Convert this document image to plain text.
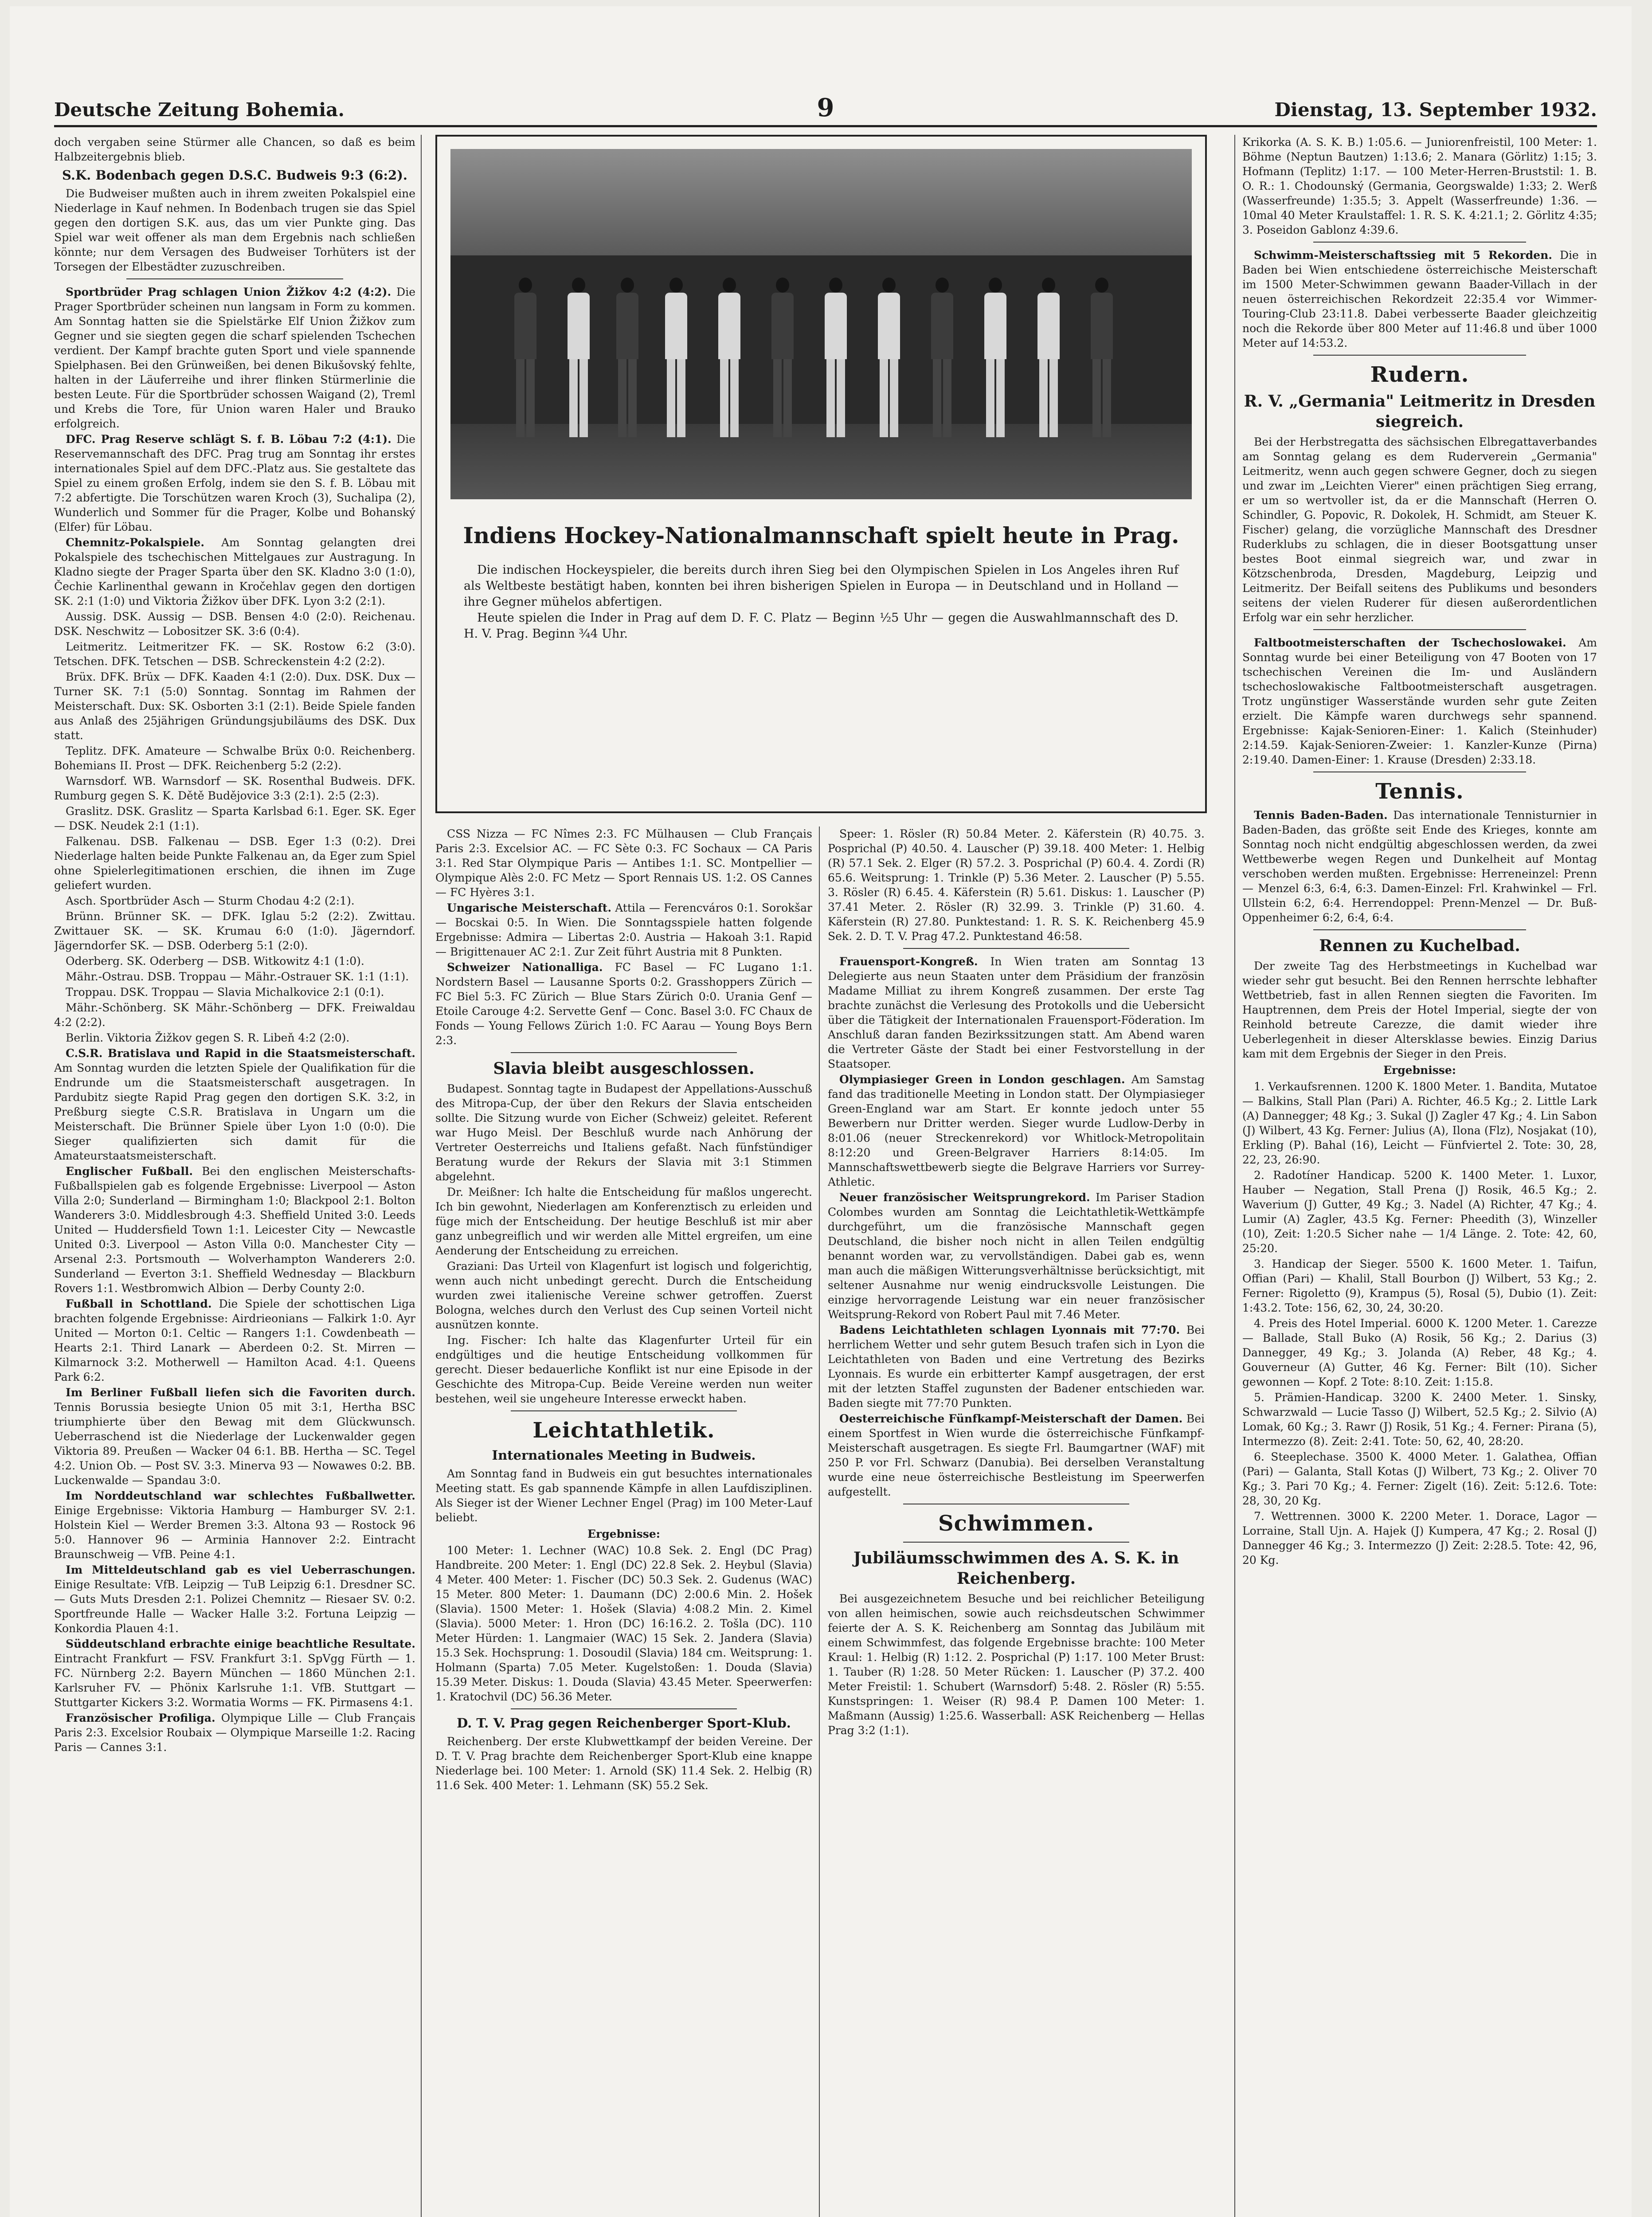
Deutsche Zeitung Bohemia.	9	Dienstag, 13. September 1932.

doch vergaben seine Stürmer alle Chancen, so daß es beim Halbzeitergebnis blieb.

S.K. Bodenbach gegen D.S.C. Budweis 9:3 (6:2).

Die Budweiser mußten auch in ihrem zweiten Pokalspiel eine Niederlage in Kauf nehmen. In Bodenbach trugen sie das Spiel gegen den dortigen S.K. aus, das um vier Punkte ging. Das Spiel war weit offener als man dem Ergebnis nach schließen könnte; nur dem Versagen des Budweiser Torhüters ist der Torsegen der Elbestädter zuzuschreiben.

Sportbrüder Prag schlagen Union Žižkov 4:2 (4:2). Die Prager Sportbrüder scheinen nun langsam in Form zu kommen. Am Sonntag hatten sie die Spielstärke Elf Union Žižkov zum Gegner und sie siegten gegen die scharf spielenden Tschechen verdient. Der Kampf brachte guten Sport und viele spannende Spielphasen. Bei den Grünweißen, bei denen Bikušovský fehlte, halten in der Läuferreihe und ihrer flinken Stürmerlinie die besten Leute. Für die Sportbrüder schossen Waigand (2), Treml und Krebs die Tore, für Union waren Haler und Brauko erfolgreich.

DFC. Prag Reserve schlägt S. f. B. Löbau 7:2 (4:1). Die Reservemannschaft des DFC. Prag trug am Sonntag ihr erstes internationales Spiel auf dem DFC.-Platz aus. Sie gestaltete das Spiel zu einem großen Erfolg, indem sie den S. f. B. Löbau mit 7:2 abfertigte. Die Torschützen waren Kroch (3), Suchalipa (2), Wunderlich und Sommer für die Prager, Kolbe und Bohanský (Elfer) für Löbau.

Chemnitz-Pokalspiele. Am Sonntag gelangten drei Pokalspiele des tschechischen Mittelgaues zur Austragung. In Kladno siegte der Prager Sparta über den SK. Kladno 3:0 (1:0), Čechie Karlinenthal gewann in Kročehlav gegen den dortigen SK. 2:1 (1:0) und Viktoria Žižkov über DFK. Lyon 3:2 (2:1).

Aussig. DSK. Aussig — DSB. Bensen 4:0 (2:0). Reichenau. DSK. Neschwitz — Lobositzer SK. 3:6 (0:4).

Leitmeritz. Leitmeritzer FK. — SK. Rostow 6:2 (3:0). Tetschen. DFK. Tetschen — DSB. Schreckenstein 4:2 (2:2).

Brüx. DFK. Brüx — DFK. Kaaden 4:1 (2:0). Dux. DSK. Dux — Turner SK. 7:1 (5:0) Sonntag. Sonntag im Rahmen der Meisterschaft. Dux: SK. Osborten 3:1 (2:1). Beide Spiele fanden aus Anlaß des 25jährigen Gründungsjubiläums des DSK. Dux statt.

Teplitz. DFK. Amateure — Schwalbe Brüx 0:0. Reichenberg. Bohemians II. Prost — DFK. Reichenberg 5:2 (2:2).

Warnsdorf. WB. Warnsdorf — SK. Rosenthal Budweis. DFK. Rumburg gegen S. K. Dětě Budějovice 3:3 (2:1). 2:5 (2:3).

Graslitz. DSK. Graslitz — Sparta Karlsbad 6:1. Eger. SK. Eger — DSK. Neudek 2:1 (1:1).

Falkenau. DSB. Falkenau — DSB. Eger 1:3 (0:2). Drei Niederlage halten beide Punkte Falkenau an, da Eger zum Spiel ohne Spielerlegitimationen erschien, die ihnen im Zuge geliefert wurden.

Asch. Sportbrüder Asch — Sturm Chodau 4:2 (2:1).

Brünn. Brünner SK. — DFK. Iglau 5:2 (2:2). Zwittau. Zwittauer SK. — SK. Krumau 6:0 (1:0). Jägerndorf. Jägerndorfer SK. — DSB. Oderberg 5:1 (2:0).

Oderberg. SK. Oderberg — DSB. Witkowitz 4:1 (1:0).

Mähr.-Ostrau. DSB. Troppau — Mähr.-Ostrauer SK. 1:1 (1:1).

Troppau. DSK. Troppau — Slavia Michalkovice 2:1 (0:1).

Mähr.-Schönberg. SK Mähr.-Schönberg — DFK. Freiwaldau 4:2 (2:2).

Berlin. Viktoria Žižkov gegen S. R. Libeň 4:2 (2:0).

C.S.R. Bratislava und Rapid in die Staatsmeisterschaft. Am Sonntag wurden die letzten Spiele der Qualifikation für die Endrunde um die Staatsmeisterschaft ausgetragen. In Pardubitz siegte Rapid Prag gegen den dortigen S.K. 3:2, in Preßburg siegte C.S.R. Bratislava in Ungarn um die Meisterschaft. Die Brünner Spiele über Lyon 1:0 (0:0). Die Sieger qualifizierten sich damit für die Amateurstaatsmeisterschaft.

Englischer Fußball. Bei den englischen Meisterschafts-Fußballspielen gab es folgende Ergebnisse: Liverpool — Aston Villa 2:0; Sunderland — Birmingham 1:0; Blackpool 2:1. Bolton Wanderers 3:0. Middlesbrough 4:3. Sheffield United 3:0. Leeds United — Huddersfield Town 1:1. Leicester City — Newcastle United 0:3. Liverpool — Aston Villa 0:0. Manchester City — Arsenal 2:3. Portsmouth — Wolverhampton Wanderers 2:0. Sunderland — Everton 3:1. Sheffield Wednesday — Blackburn Rovers 1:1. Westbromwich Albion — Derby County 2:0.

Fußball in Schottland. Die Spiele der schottischen Liga brachten folgende Ergebnisse: Airdrieonians — Falkirk 1:0. Ayr United — Morton 0:1. Celtic — Rangers 1:1. Cowdenbeath — Hearts 2:1. Third Lanark — Aberdeen 0:2. St. Mirren — Kilmarnock 3:2. Motherwell — Hamilton Acad. 4:1. Queens Park 6:2.

Im Berliner Fußball liefen sich die Favoriten durch. Tennis Borussia besiegte Union 05 mit 3:1, Hertha BSC triumphierte über den Bewag mit dem Glückwunsch. Ueberraschend ist die Niederlage der Luckenwalder gegen Viktoria 89. Preußen — Wacker 04 6:1. BB. Hertha — SC. Tegel 4:2. Union Ob. — Post SV. 3:3. Minerva 93 — Nowawes 0:2. BB. Luckenwalde — Spandau 3:0.

Im Norddeutschland war schlechtes Fußballwetter. Einige Ergebnisse: Viktoria Hamburg — Hamburger SV. 2:1. Holstein Kiel — Werder Bremen 3:3. Altona 93 — Rostock 96 5:0. Hannover 96 — Arminia Hannover 2:2. Eintracht Braunschweig — VfB. Peine 4:1.

Im Mitteldeutschland gab es viel Ueberraschungen. Einige Resultate: VfB. Leipzig — TuB Leipzig 6:1. Dresdner SC. — Guts Muts Dresden 2:1. Polizei Chemnitz — Riesaer SV. 0:2. Sportfreunde Halle — Wacker Halle 3:2. Fortuna Leipzig — Konkordia Plauen 4:1.

Süddeutschland erbrachte einige beachtliche Resultate. Eintracht Frankfurt — FSV. Frankfurt 3:1. SpVgg Fürth — 1. FC. Nürnberg 2:2. Bayern München — 1860 München 2:1. Karlsruher FV. — Phönix Karlsruhe 1:1. VfB. Stuttgart — Stuttgarter Kickers 3:2. Wormatia Worms — FK. Pirmasens 4:1.

Französischer Profiliga. Olympique Lille — Club Français Paris 2:3. Excelsior Roubaix — Olympique Marseille 1:2. Racing Paris — Cannes 3:1.

Indiens Hockey-Nationalmannschaft spielt heute in Prag.

Die indischen Hockeyspieler, die bereits durch ihren Sieg bei den Olympischen Spielen in Los Angeles ihren Ruf als Weltbeste bestätigt haben, konnten bei ihren bisherigen Spielen in Europa — in Deutschland und in Holland — ihre Gegner mühelos abfertigen.

Heute spielen die Inder in Prag auf dem D. F. C. Platz — Beginn ½5 Uhr — gegen die Auswahlmannschaft des D. H. V. Prag. Beginn ¾4 Uhr.

CSS Nizza — FC Nîmes 2:3. FC Mülhausen — Club Français Paris 2:3. Excelsior AC. — FC Sète 0:3. FC Sochaux — CA Paris 3:1. Red Star Olympique Paris — Antibes 1:1. SC. Montpellier — Olympique Alès 2:0. FC Metz — Sport Rennais US. 1:2. OS Cannes — FC Hyères 3:1.

Ungarische Meisterschaft. Attila — Ferencváros 0:1. Sorokšar — Bocskai 0:5. In Wien. Die Sonntagsspiele hatten folgende Ergebnisse: Admira — Libertas 2:0. Austria — Hakoah 3:1. Rapid — Brigittenauer AC 2:1. Zur Zeit führt Austria mit 8 Punkten.

Schweizer Nationalliga. FC Basel — FC Lugano 1:1. Nordstern Basel — Lausanne Sports 0:2. Grasshoppers Zürich — FC Biel 5:3. FC Zürich — Blue Stars Zürich 0:0. Urania Genf — Etoile Carouge 4:2. Servette Genf — Conc. Basel 3:0. FC Chaux de Fonds — Young Fellows Zürich 1:0. FC Aarau — Young Boys Bern 2:3.

Slavia bleibt ausgeschlossen.

Budapest. Sonntag tagte in Budapest der Appellations-Ausschuß des Mitropa-Cup, der über den Rekurs der Slavia entscheiden sollte. Die Sitzung wurde von Eicher (Schweiz) geleitet. Referent war Hugo Meisl. Der Beschluß wurde nach Anhörung der Vertreter Oesterreichs und Italiens gefaßt. Nach fünfstündiger Beratung wurde der Rekurs der Slavia mit 3:1 Stimmen abgelehnt.

Dr. Meißner: Ich halte die Entscheidung für maßlos ungerecht. Ich bin gewohnt, Niederlagen am Konferenztisch zu erleiden und füge mich der Entscheidung. Der heutige Beschluß ist mir aber ganz unbegreiflich und wir werden alle Mittel ergreifen, um eine Aenderung der Entscheidung zu erreichen.

Graziani: Das Urteil von Klagenfurt ist logisch und folgerichtig, wenn auch nicht unbedingt gerecht. Durch die Entscheidung wurden zwei italienische Vereine schwer getroffen. Zuerst Bologna, welches durch den Verlust des Cup seinen Vorteil nicht ausnützen konnte.

Ing. Fischer: Ich halte das Klagenfurter Urteil für ein endgültiges und die heutige Entscheidung vollkommen für gerecht. Dieser bedauerliche Konflikt ist nur eine Episode in der Geschichte des Mitropa-Cup. Beide Vereine werden nun weiter bestehen, weil sie ungeheure Interesse erweckt haben.

Leichtathletik.
Internationales Meeting in Budweis.

Am Sonntag fand in Budweis ein gut besuchtes internationales Meeting statt. Es gab spannende Kämpfe in allen Laufdisziplinen. Als Sieger ist der Wiener Lechner Engel (Prag) im 100 Meter-Lauf beliebt.

Ergebnisse:

100 Meter: 1. Lechner (WAC) 10.8 Sek. 2. Engl (DC Prag) Handbreite. 200 Meter: 1. Engl (DC) 22.8 Sek. 2. Heybul (Slavia) 4 Meter. 400 Meter: 1. Fischer (DC) 50.3 Sek. 2. Gudenus (WAC) 15 Meter. 800 Meter: 1. Daumann (DC) 2:00.6 Min. 2. Hošek (Slavia). 1500 Meter: 1. Hošek (Slavia) 4:08.2 Min. 2. Kimel (Slavia). 5000 Meter: 1. Hron (DC) 16:16.2. 2. Tošla (DC). 110 Meter Hürden: 1. Langmaier (WAC) 15 Sek. 2. Jandera (Slavia) 15.3 Sek. Hochsprung: 1. Dosoudil (Slavia) 184 cm. Weitsprung: 1. Holmann (Sparta) 7.05 Meter. Kugelstoßen: 1. Douda (Slavia) 15.39 Meter. Diskus: 1. Douda (Slavia) 43.45 Meter. Speerwerfen: 1. Kratochvil (DC) 56.36 Meter.

D. T. V. Prag gegen Reichenberger Sport-Klub.

Reichenberg. Der erste Klubwettkampf der beiden Vereine. Der D. T. V. Prag brachte dem Reichenberger Sport-Klub eine knappe Niederlage bei. 100 Meter: 1. Arnold (SK) 11.4 Sek. 2. Helbig (R) 11.6 Sek. 400 Meter: 1. Lehmann (SK) 55.2 Sek.

Speer: 1. Rösler (R) 50.84 Meter. 2. Käferstein (R) 40.75. 3. Posprichal (P) 40.50. 4. Lauscher (P) 39.18. 400 Meter: 1. Helbig (R) 57.1 Sek. 2. Elger (R) 57.2. 3. Posprichal (P) 60.4. 4. Zordi (R) 65.6. Weitsprung: 1. Trinkle (P) 5.36 Meter. 2. Lauscher (P) 5.55. 3. Rösler (R) 6.45. 4. Käferstein (R) 5.61. Diskus: 1. Lauscher (P) 37.41 Meter. 2. Rösler (R) 32.99. 3. Trinkle (P) 31.60. 4. Käferstein (R) 27.80. Punktestand: 1. R. S. K. Reichenberg 45.9 Sek. 2. D. T. V. Prag 47.2. Punktestand 46:58.

Frauensport-Kongreß. In Wien traten am Sonntag 13 Delegierte aus neun Staaten unter dem Präsidium der französin Madame Milliat zu ihrem Kongreß zusammen. Der erste Tag brachte zunächst die Verlesung des Protokolls und die Uebersicht über die Tätigkeit der Internationalen Frauensport-Föderation. Im Anschluß daran fanden Bezirkssitzungen statt. Am Abend waren die Vertreter Gäste der Stadt bei einer Festvorstellung in der Staatsoper.

Olympiasieger Green in London geschlagen. Am Samstag fand das traditionelle Meeting in London statt. Der Olympiasieger Green-England war am Start. Er konnte jedoch unter 55 Bewerbern nur Dritter werden. Sieger wurde Ludlow-Derby in 8:01.06 (neuer Streckenrekord) vor Whitlock-Metropolitain 8:12:20 und Green-Belgraver Harriers 8:14:05. Im Mannschaftswettbewerb siegte die Belgrave Harriers vor Surrey-Athletic.

Neuer französischer Weitsprungrekord. Im Pariser Stadion Colombes wurden am Sonntag die Leichtathletik-Wettkämpfe durchgeführt, um die französische Mannschaft gegen Deutschland, die bisher noch nicht in allen Teilen endgültig benannt worden war, zu vervollständigen. Dabei gab es, wenn man auch die mäßigen Witterungsverhältnisse berücksichtigt, mit seltener Ausnahme nur wenig eindrucksvolle Leistungen. Die einzige hervorragende Leistung war ein neuer französischer Weitsprung-Rekord von Robert Paul mit 7.46 Meter.

Badens Leichtathleten schlagen Lyonnais mit 77:70. Bei herrlichem Wetter und sehr gutem Besuch trafen sich in Lyon die Leichtathleten von Baden und eine Vertretung des Bezirks Lyonnais. Es wurde ein erbitterter Kampf ausgetragen, der erst mit der letzten Staffel zugunsten der Badener entschieden war. Baden siegte mit 77:70 Punkten.

Oesterreichische Fünfkampf-Meisterschaft der Damen. Bei einem Sportfest in Wien wurde die österreichische Fünfkampf-Meisterschaft ausgetragen. Es siegte Frl. Baumgartner (WAF) mit 250 P. vor Frl. Schwarz (Danubia). Bei derselben Veranstaltung wurde eine neue österreichische Bestleistung im Speerwerfen aufgestellt.

Schwimmen.
Jubiläumsschwimmen des A. S. K. in Reichenberg.

Bei ausgezeichnetem Besuche und bei reichlicher Beteiligung von allen heimischen, sowie auch reichsdeutschen Schwimmer feierte der A. S. K. Reichenberg am Sonntag das Jubiläum mit einem Schwimmfest, das folgende Ergebnisse brachte: 100 Meter Kraul: 1. Helbig (R) 1:12. 2. Posprichal (P) 1:17. 100 Meter Brust: 1. Tauber (R) 1:28. 50 Meter Rücken: 1. Lauscher (P) 37.2. 400 Meter Freistil: 1. Schubert (Warnsdorf) 5:48. 2. Rösler (R) 5:55. Kunstspringen: 1. Weiser (R) 98.4 P. Damen 100 Meter: 1. Maßmann (Aussig) 1:25.6. Wasserball: ASK Reichenberg — Hellas Prag 3:2 (1:1).

Krikorka (A. S. K. B.) 1:05.6. — Juniorenfreistil, 100 Meter: 1. Böhme (Neptun Bautzen) 1:13.6; 2. Manara (Görlitz) 1:15; 3. Hofmann (Teplitz) 1:17. — 100 Meter-Herren-Bruststil: 1. B. O. R.: 1. Chodounský (Germania, Georgswalde) 1:33; 2. Werß (Wasserfreunde) 1:35.5; 3. Appelt (Wasserfreunde) 1:36. — 10mal 40 Meter Kraulstaffel: 1. R. S. K. 4:21.1; 2. Görlitz 4:35; 3. Poseidon Gablonz 4:39.6.

Schwimm-Meisterschaftssieg mit 5 Rekorden. Die in Baden bei Wien entschiedene österreichische Meisterschaft im 1500 Meter-Schwimmen gewann Baader-Villach in der neuen österreichischen Rekordzeit 22:35.4 vor Wimmer-Touring-Club 23:11.8. Dabei verbesserte Baader gleichzeitig noch die Rekorde über 800 Meter auf 11:46.8 und über 1000 Meter auf 14:53.2.

Rudern.
R. V. „Germania" Leitmeritz in Dresden siegreich.

Bei der Herbstregatta des sächsischen Elbregattaverbandes am Sonntag gelang es dem Ruderverein „Germania" Leitmeritz, wenn auch gegen schwere Gegner, doch zu siegen und zwar im „Leichten Vierer" einen prächtigen Sieg errang, er um so wertvoller ist, da er die Mannschaft (Herren O. Schindler, G. Popovic, R. Dokolek, H. Schmidt, am Steuer K. Fischer) gelang, die vorzügliche Mannschaft des Dresdner Ruderklubs zu schlagen, die in dieser Bootsgattung unser bestes Boot einmal siegreich war, und zwar in Kötzschenbroda, Dresden, Magdeburg, Leipzig und Leitmeritz. Der Beifall seitens des Publikums und besonders seitens der vielen Ruderer für diesen außerordentlichen Erfolg war ein sehr herzlicher.

Faltbootmeisterschaften der Tschechoslowakei. Am Sonntag wurde bei einer Beteiligung von 47 Booten von 17 tschechischen Vereinen die Im- und Ausländern tschechoslowakische Faltbootmeisterschaft ausgetragen. Trotz ungünstiger Wasserstände wurden sehr gute Zeiten erzielt. Die Kämpfe waren durchwegs sehr spannend. Ergebnisse: Kajak-Senioren-Einer: 1. Kalich (Steinhuder) 2:14.59. Kajak-Senioren-Zweier: 1. Kanzler-Kunze (Pirna) 2:19.40. Damen-Einer: 1. Krause (Dresden) 2:33.18.

Tennis.

Tennis Baden-Baden. Das internationale Tennisturnier in Baden-Baden, das größte seit Ende des Krieges, konnte am Sonntag noch nicht endgültig abgeschlossen werden, da zwei Wettbewerbe wegen Regen und Dunkelheit auf Montag verschoben werden mußten. Ergebnisse: Herreneinzel: Prenn — Menzel 6:3, 6:4, 6:3. Damen-Einzel: Frl. Krahwinkel — Frl. Ullstein 6:2, 6:4. Herrendoppel: Prenn-Menzel — Dr. Buß-Oppenheimer 6:2, 6:4, 6:4.

Rennen zu Kuchelbad.

Der zweite Tag des Herbstmeetings in Kuchelbad war wieder sehr gut besucht. Bei den Rennen herrschte lebhafter Wettbetrieb, fast in allen Rennen siegten die Favoriten. Im Hauptrennen, dem Preis der Hotel Imperial, siegte der von Reinhold betreute Carezze, die damit wieder ihre Ueberlegenheit in dieser Altersklasse bewies. Einzig Darius kam mit dem Ergebnis der Sieger in den Preis.

Ergebnisse:

1. Verkaufsrennen. 1200 K. 1800 Meter. 1. Bandita, Mutatoe — Balkins, Stall Plan (Pari) A. Richter, 46.5 Kg.; 2. Little Lark (A) Dannegger; 48 Kg.; 3. Sukal (J) Zagler 47 Kg.; 4. Lin Sabon (J) Wilbert, 43 Kg. Ferner: Julius (A), Ilona (Flz), Nosjakat (10), Erkling (P). Bahal (16), Leicht — Fünfviertel 2. Tote: 30, 28, 22, 23, 26:90.

2. Radotíner Handicap. 5200 K. 1400 Meter. 1. Luxor, Hauber — Negation, Stall Prena (J) Rosik, 46.5 Kg.; 2. Waverium (J) Gutter, 49 Kg.; 3. Nadel (A) Richter, 47 Kg.; 4. Lumir (A) Zagler, 43.5 Kg. Ferner: Pheedith (3), Winzeller (10), Zeit: 1:20.5 Sicher nahe — 1/4 Länge. 2. Tote: 42, 60, 25:20.

3. Handicap der Sieger. 5500 K. 1600 Meter. 1. Taifun, Offian (Pari) — Khalil, Stall Bourbon (J) Wilbert, 53 Kg.; 2. Ferner: Rigoletto (9), Krampus (5), Rosal (5), Dubio (1). Zeit: 1:43.2. Tote: 156, 62, 30, 24, 30:20.

4. Preis des Hotel Imperial. 6000 K. 1200 Meter. 1. Carezze — Ballade, Stall Buko (A) Rosik, 56 Kg.; 2. Darius (3) Dannegger, 49 Kg.; 3. Jolanda (A) Reber, 48 Kg.; 4. Gouverneur (A) Gutter, 46 Kg. Ferner: Bilt (10). Sicher gewonnen — Kopf. 2 Tote: 8:10. Zeit: 1:15.8.

5. Prämien-Handicap. 3200 K. 2400 Meter. 1. Sinsky, Schwarzwald — Lucie Tasso (J) Wilbert, 52.5 Kg.; 2. Silvio (A) Lomak, 60 Kg.; 3. Rawr (J) Rosik, 51 Kg.; 4. Ferner: Pirana (5), Intermezzo (8). Zeit: 2:41. Tote: 50, 62, 40, 28:20.

6. Steeplechase. 3500 K. 4000 Meter. 1. Galathea, Offian (Pari) — Galanta, Stall Kotas (J) Wilbert, 73 Kg.; 2. Oliver 70 Kg.; 3. Pari 70 Kg.; 4. Ferner: Zigelt (16). Zeit: 5:12.6. Tote: 28, 30, 20 Kg.

7. Wettrennen. 3000 K. 2200 Meter. 1. Dorace, Lagor — Lorraine, Stall Ujn. A. Hajek (J) Kumpera, 47 Kg.; 2. Rosal (J) Dannegger 46 Kg.; 3. Intermezzo (J) Zeit: 2:28.5. Tote: 42, 96, 20 Kg.
